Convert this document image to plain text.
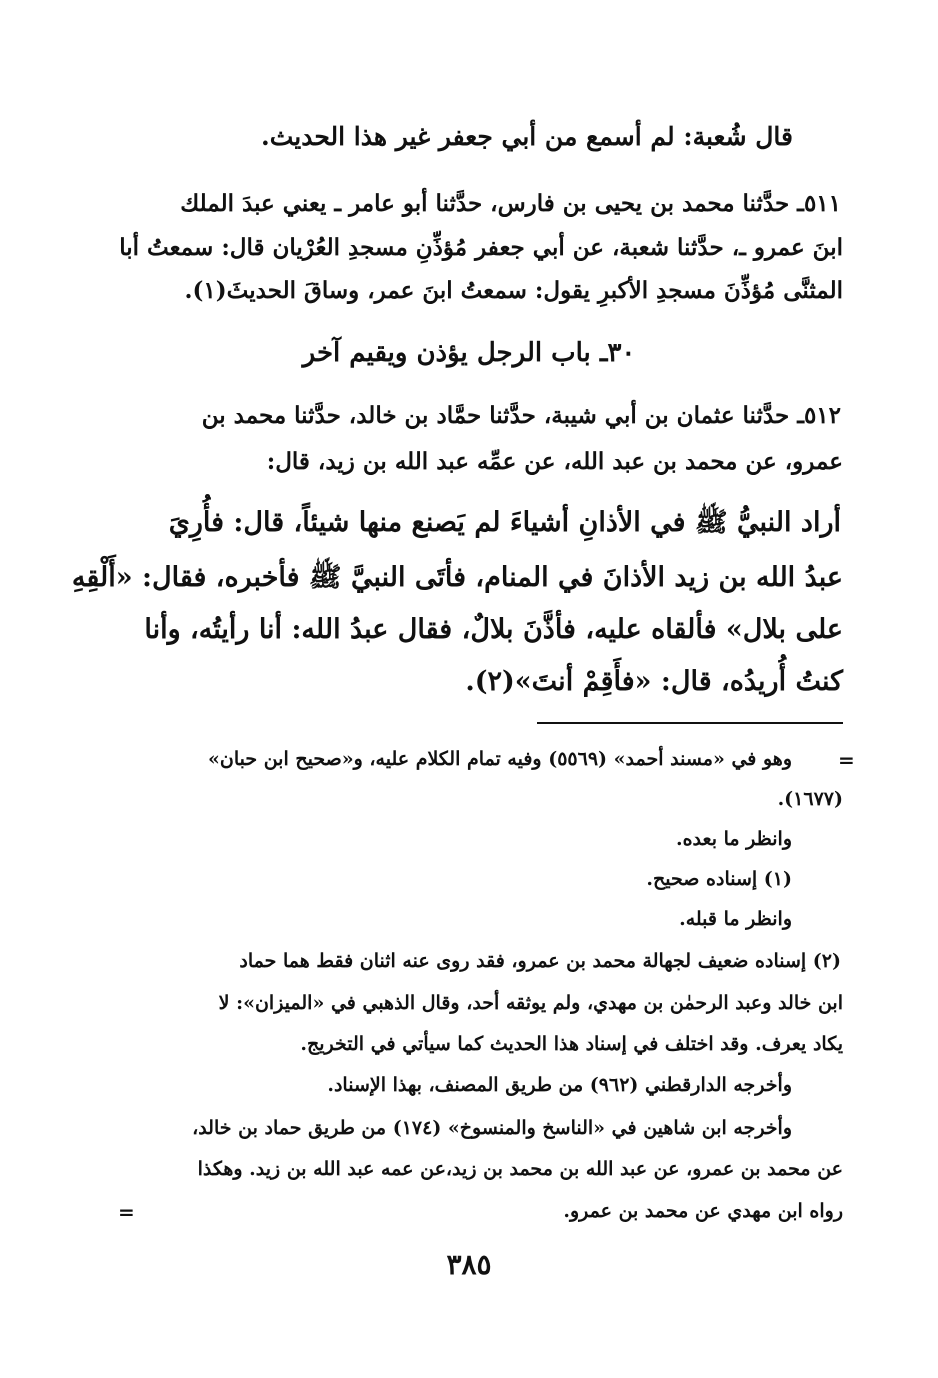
قال شُعبة: لم أسمع من أبي جعفر غير هذا الحديث.
٥١١ـ حدَّثنا محمد بن يحيى بن فارس، حدَّثنا أبو عامر ـ يعني عبدَ الملك
ابنَ عمرو ـ، حدَّثنا شعبة، عن أبي جعفر مُؤذِّنِ مسجدِ العُرْيان قال: سمعتُ أبا
المثنَّى مُؤذِّنَ مسجدِ الأكبرِ يقول: سمعتُ ابنَ عمر، وساقَ الحديثَ(١).
٣٠ـ باب الرجل يؤذن ويقيم آخر
٥١٢ـ حدَّثنا عثمان بن أبي شيبة، حدَّثنا حمَّاد بن خالد، حدَّثنا محمد بن
عمرو، عن محمد بن عبد الله، عن عمِّه عبد الله بن زيد، قال:
أراد النبيُّ ﷺ في الأذانِ أشياءَ لم يَصنع منها شيئاً، قال: فأُرِيَ
عبدُ الله بن زيد الأذانَ في المنام، فأتَى النبيَّ ﷺ فأخبره، فقال: «أَلْقِهِ
على بلال» فألقاه عليه، فأذَّنَ بلالٌ، فقال عبدُ الله: أنا رأيتُه، وأنا
كنتُ أُريدُه، قال: «فأَقِمْ أنتَ»(٢).
=
وهو في «مسند أحمد» (٥٥٦٩) وفيه تمام الكلام عليه، و«صحيح ابن حبان»
(١٦٧٧).
وانظر ما بعده.
(١) إسناده صحيح.
وانظر ما قبله.
(٢) إسناده ضعيف لجهالة محمد بن عمرو، فقد روى عنه اثنان فقط هما حماد
ابن خالد وعبد الرحمٰن بن مهدي، ولم يوثقه أحد، وقال الذهبي في «الميزان»: لا
يكاد يعرف. وقد اختلف في إسناد هذا الحديث كما سيأتي في التخريج.
وأخرجه الدارقطني (٩٦٢) من طريق المصنف، بهذا الإسناد.
وأخرجه ابن شاهين في «الناسخ والمنسوخ» (١٧٤) من طريق حماد بن خالد،
عن محمد بن عمرو، عن عبد الله بن محمد بن زيد،عن عمه عبد الله بن زيد. وهكذا
رواه ابن مهدي عن محمد بن عمرو.
=
٣٨٥
